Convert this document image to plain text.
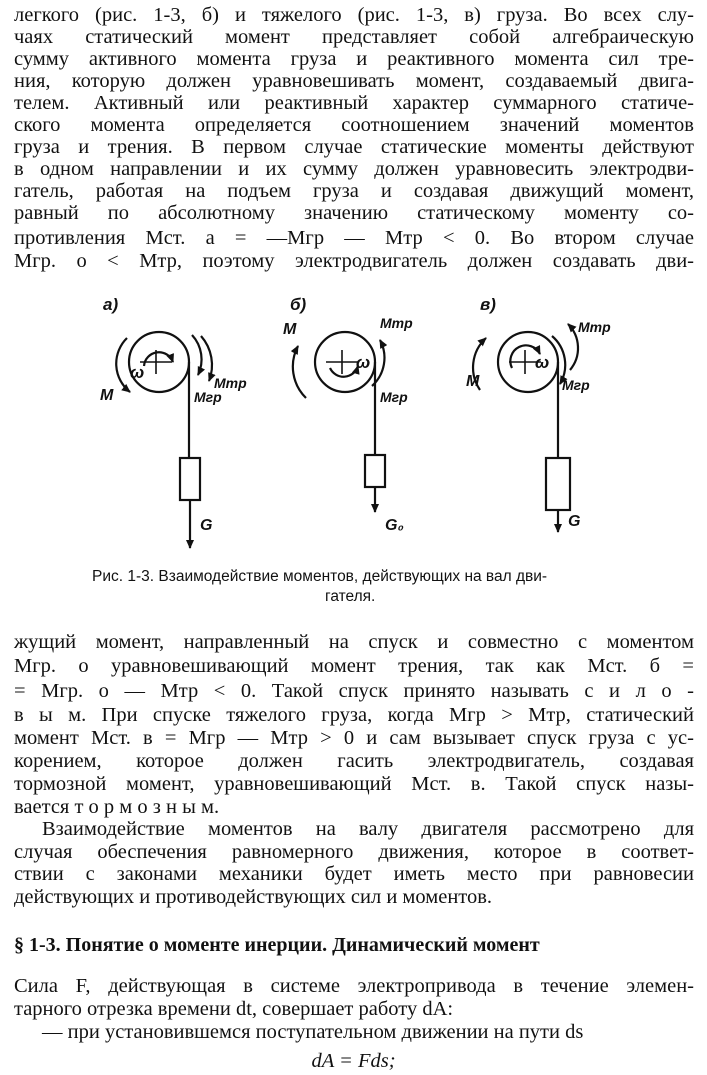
легкого (рис. 1-3, б) и тяжелого (рис. 1-3, в) груза. Во всех слу-
чаях статический момент представляет собой алгебраическую
сумму активного момента груза и реактивного момента сил тре-
ния, которую должен уравновешивать момент, создаваемый двига-
телем. Активный или реактивный характер суммарного статиче-
ского момента определяется соотношением значений моментов
груза и трения. В первом случае статические моменты действуют
в одном направлении и их сумму должен уравновесить электродви-
гатель, работая на подъем груза и создавая движущий момент,
равный по абсолютному значению статическому моменту со-
противления Mст. а = —Mгр — Mтр < 0. Во втором случае
Mгр. о < Mтр, поэтому электродвигатель должен создавать дви-
а)
ω
M
Mтр
Mгр
G
б)
ω
M	Mтр
Mгр
G₀
в)
ω
M
Mтр
Mгр
G
Рис. 1-3. Взаимодействие моментов, действующих на вал дви-
гателя.
жущий момент, направленный на спуск и совместно с моментом
Mгр. о уравновешивающий момент трения, так как Mст. б =
= Mгр. о — Mтр < 0. Такой спуск принято называть с и л о -
в ы м. При спуске тяжелого груза, когда Mгр > Mтр, статический
момент Mст. в = Mгр — Mтр > 0 и сам вызывает спуск груза с ус-
корением, которое должен гасить электродвигатель, создавая
тормозной момент, уравновешивающий Mст. в. Такой спуск назы-
вается т о р м о з н ы м.
Взаимодействие моментов на валу двигателя рассмотрено для
случая обеспечения равномерного движения, которое в соответ-
ствии с законами механики будет иметь место при равновесии
действующих и противодействующих сил и моментов.
§ 1-3. Понятие о моменте инерции. Динамический момент
Сила F, действующая в системе электропривода в течение элемен-
тарного отрезка времени dt, совершает работу dA:
— при установившемся поступательном движении на пути ds
dA = Fds;
